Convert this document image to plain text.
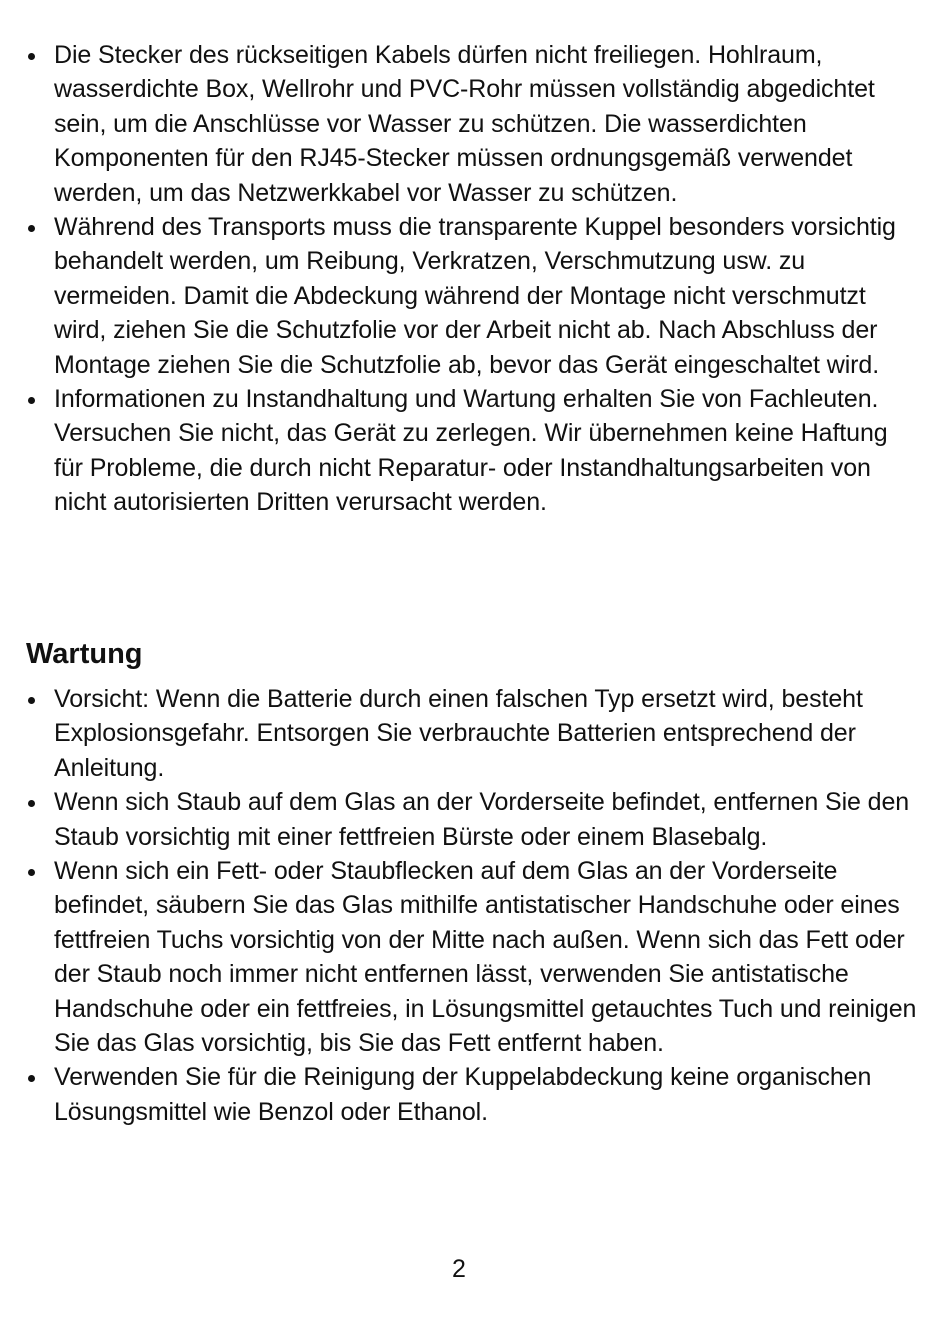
Die Stecker des rückseitigen Kabels dürfen nicht freiliegen. Hohlraum, wasserdichte Box, Wellrohr und PVC-Rohr müssen vollständig abgedichtet sein, um die Anschlüsse vor Wasser zu schützen. Die wasserdichten Komponenten für den RJ45-Stecker müssen ordnungsgemäß verwendet werden, um das Netzwerkkabel vor Wasser zu schützen.
Während des Transports muss die transparente Kuppel besonders vorsichtig behandelt werden, um Reibung, Verkratzen, Verschmutzung usw. zu vermeiden. Damit die Abdeckung während der Montage nicht verschmutzt wird, ziehen Sie die Schutzfolie vor der Arbeit nicht ab. Nach Abschluss der Montage ziehen Sie die Schutzfolie ab, bevor das Gerät eingeschaltet wird.
Informationen zu Instandhaltung und Wartung erhalten Sie von Fachleuten. Versuchen Sie nicht, das Gerät zu zerlegen. Wir übernehmen keine Haftung für Probleme, die durch nicht Reparatur- oder Instandhaltungsarbeiten von nicht autorisierten Dritten verursacht werden.
Wartung
Vorsicht: Wenn die Batterie durch einen falschen Typ ersetzt wird, besteht Explosionsgefahr. Entsorgen Sie verbrauchte Batterien entsprechend der Anleitung.
Wenn sich Staub auf dem Glas an der Vorderseite befindet, entfernen Sie den Staub vorsichtig mit einer fettfreien Bürste oder einem Blasebalg.
Wenn sich ein Fett- oder Staubflecken auf dem Glas an der Vorderseite befindet, säubern Sie das Glas mithilfe antistatischer Handschuhe oder eines fettfreien Tuchs vorsichtig von der Mitte nach außen. Wenn sich das Fett oder der Staub noch immer nicht entfernen lässt, verwenden Sie antistatische Handschuhe oder ein fettfreies, in Lösungsmittel getauchtes Tuch und reinigen Sie das Glas vorsichtig, bis Sie das Fett entfernt haben.
Verwenden Sie für die Reinigung der Kuppelabdeckung keine organischen Lösungsmittel wie Benzol oder Ethanol.
2
